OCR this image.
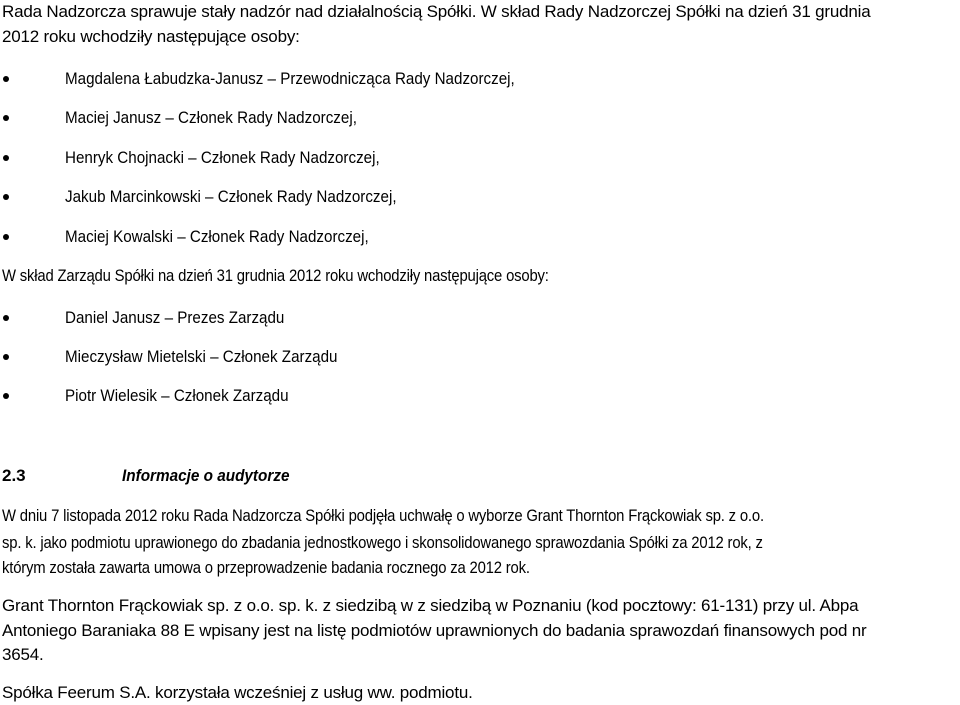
Rada Nadzorcza sprawuje stały nadzór nad działalnością Spółki. W skład Rady Nadzorczej Spółki na dzień 31 grudnia
2012 roku wchodziły następujące osoby:
Magdalena Łabudzka-Janusz – Przewodnicząca Rady Nadzorczej,
Maciej Janusz – Członek Rady Nadzorczej,
Henryk Chojnacki – Członek Rady Nadzorczej,
Jakub Marcinkowski – Członek Rady Nadzorczej,
Maciej Kowalski – Członek Rady Nadzorczej,
W skład Zarządu Spółki na dzień 31 grudnia 2012 roku wchodziły następujące osoby:
Daniel Janusz – Prezes Zarządu
Mieczysław Mietelski – Członek Zarządu
Piotr Wielesik – Członek Zarządu
2.3	Informacje o audytorze
W dniu 7 listopada 2012 roku Rada Nadzorcza Spółki podjęła uchwałę o wyborze Grant Thornton Frąckowiak sp. z o.o.
sp. k. jako podmiotu uprawionego do zbadania jednostkowego i skonsolidowanego sprawozdania Spółki za 2012 rok, z
którym została zawarta umowa o przeprowadzenie badania rocznego za 2012 rok.
Grant Thornton Frąckowiak sp. z o.o. sp. k. z siedzibą w z siedzibą w Poznaniu (kod pocztowy: 61-131) przy ul. Abpa
Antoniego Baraniaka 88 E wpisany jest na listę podmiotów uprawnionych do badania sprawozdań finansowych pod nr
3654.
Spółka Feerum S.A. korzystała wcześniej z usług ww. podmiotu.
